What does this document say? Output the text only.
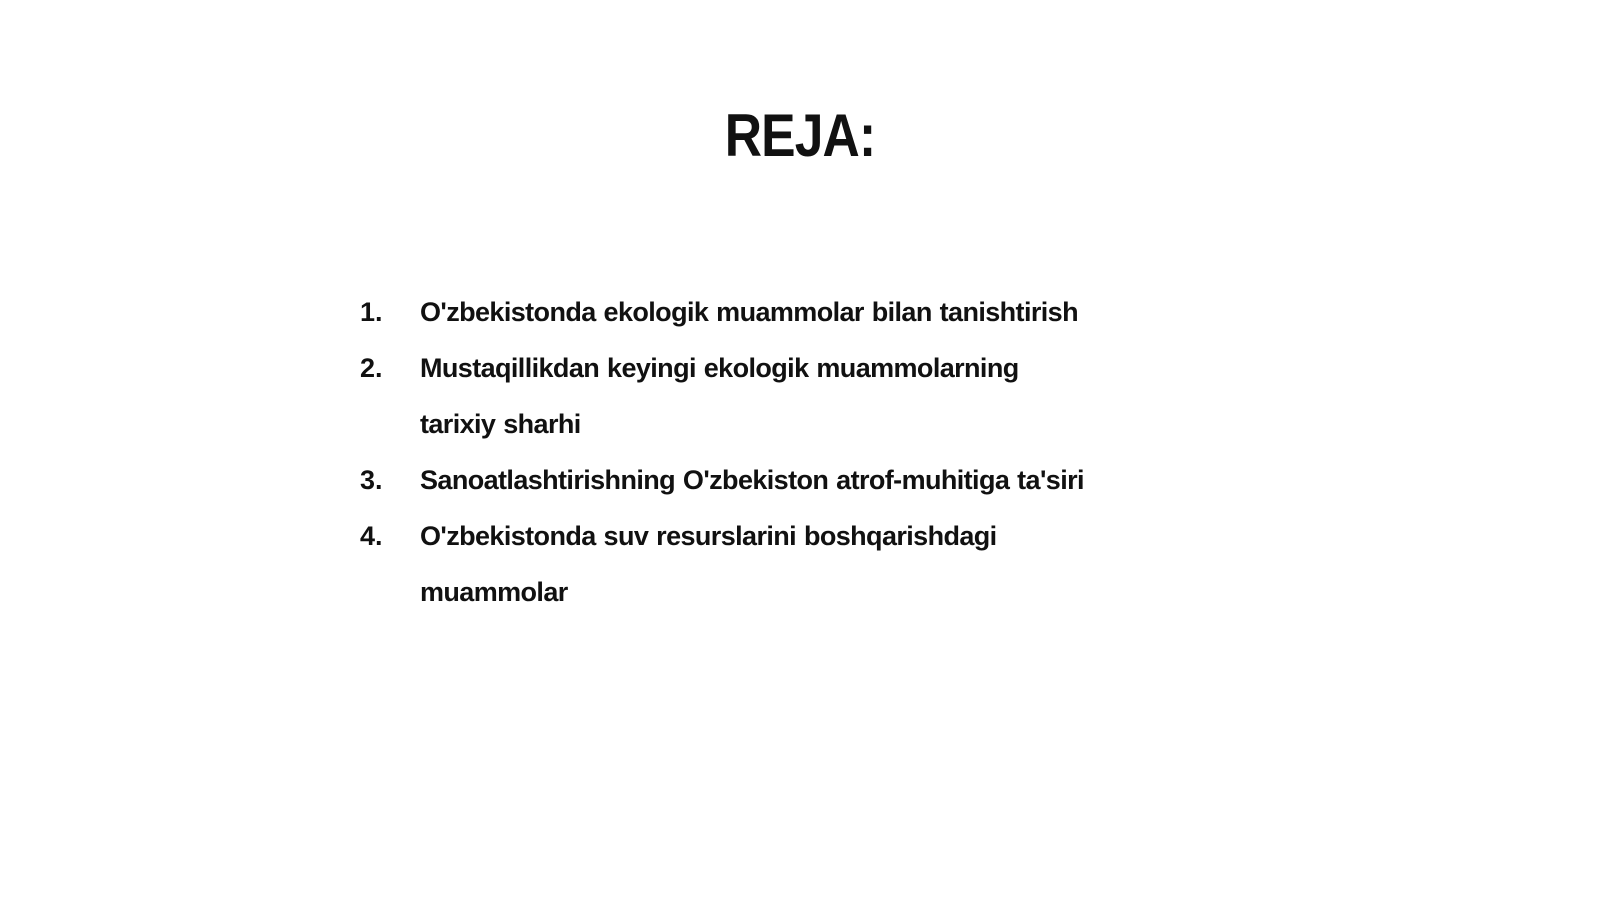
REJA:
1.	O'zbekistonda ekologik muammolar bilan tanishtirish
2.	Mustaqillikdan keyingi ekologik muammolarning tarixiy sharhi
3.	Sanoatlashtirishning O'zbekiston atrof-muhitiga ta'siri
4.	O'zbekistonda suv resurslarini boshqarishdagi muammolar
